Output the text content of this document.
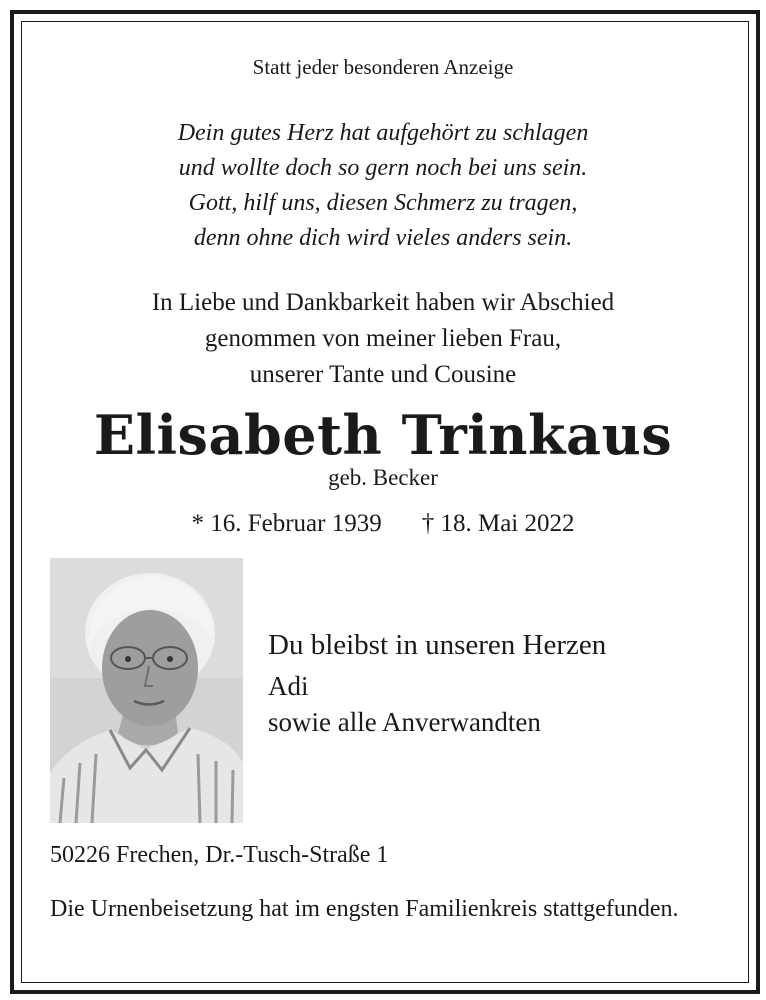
Statt jeder besonderen Anzeige
Dein gutes Herz hat aufgehört zu schlagen
und wollte doch so gern noch bei uns sein.
Gott, hilf uns, diesen Schmerz zu tragen,
denn ohne dich wird vieles anders sein.
In Liebe und Dankbarkeit haben wir Abschied
genommen von meiner lieben Frau,
unserer Tante und Cousine
Elisabeth Trinkaus
geb. Becker
* 16. Februar 1939 † 18. Mai 2022
Du bleibst in unseren Herzen
Adi
sowie alle Anverwandten
50226 Frechen, Dr.-Tusch-Straße 1
Die Urnenbeisetzung hat im engsten Familienkreis stattgefunden.
